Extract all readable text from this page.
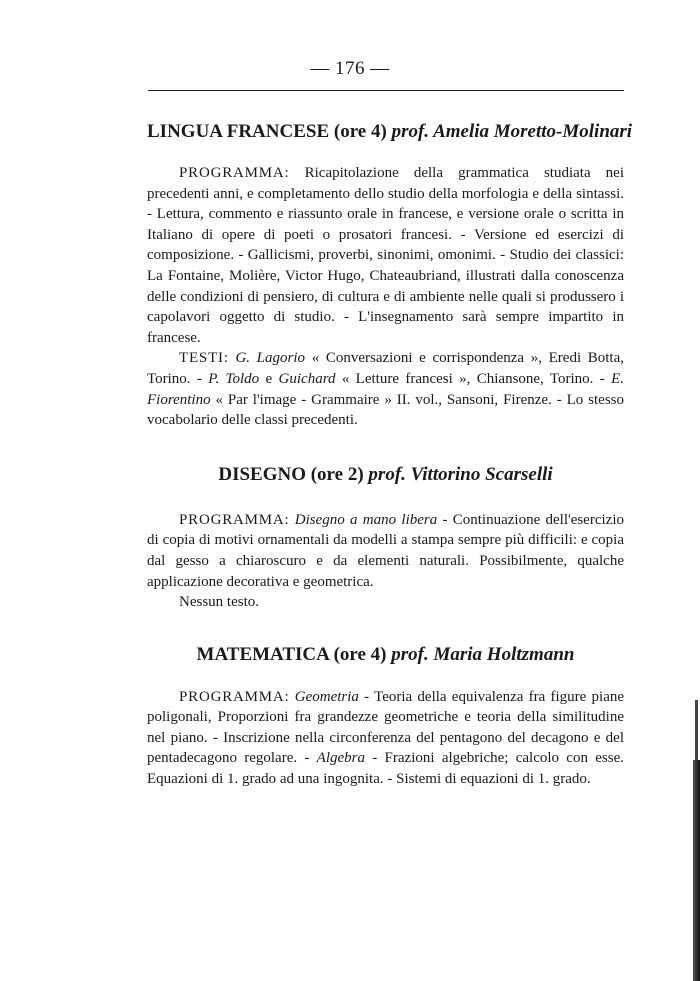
— 176 —
LINGUA FRANCESE (ore 4) prof. Amelia Moretto-Molinari

PROGRAMMA: Ricapitolazione della grammatica studiata nei precedenti anni, e completamento dello studio della morfologia e della sintassi. - Lettura, commento e riassunto orale in francese, e versione orale o scritta in Italiano di opere di poeti o prosatori francesi. - Versione ed esercizi di composizione. - Gallicismi, proverbi, sinonimi, omonimi. - Studio dei classici: La Fontaine, Molière, Victor Hugo, Chateaubriand, illustrati dalla conoscenza delle condizioni di pensiero, di cultura e di ambiente nelle quali si produssero i capolavori oggetto di studio. - L'insegnamento sarà sempre impartito in francese.

TESTI: G. Lagorio « Conversazioni e corrispondenza », Eredi Botta, Torino. - P. Toldo e Guichard « Letture francesi », Chiansone, Torino. - E. Fiorentino « Par l'image - Grammaire » II. vol., Sansoni, Firenze. - Lo stesso vocabolario delle classi precedenti.

DISEGNO (ore 2) prof. Vittorino Scarselli

PROGRAMMA: Disegno a mano libera - Continuazione dell'esercizio di copia di motivi ornamentali da modelli a stampa sempre più difficili: e copia dal gesso a chiaroscuro e da elementi naturali. Possibilmente, qualche applicazione decorativa e geometrica.

Nessun testo.

MATEMATICA (ore 4) prof. Maria Holtzmann

PROGRAMMA: Geometria - Teoria della equivalenza fra figure piane poligonali, Proporzioni fra grandezze geometriche e teoria della similitudine nel piano. - Inscrizione nella circonferenza del pentagono del decagono e del pentadecagono regolare. - Algebra - Frazioni algebriche; calcolo con esse. Equazioni di 1. grado ad una ingognita. - Sistemi di equazioni di 1. grado.
